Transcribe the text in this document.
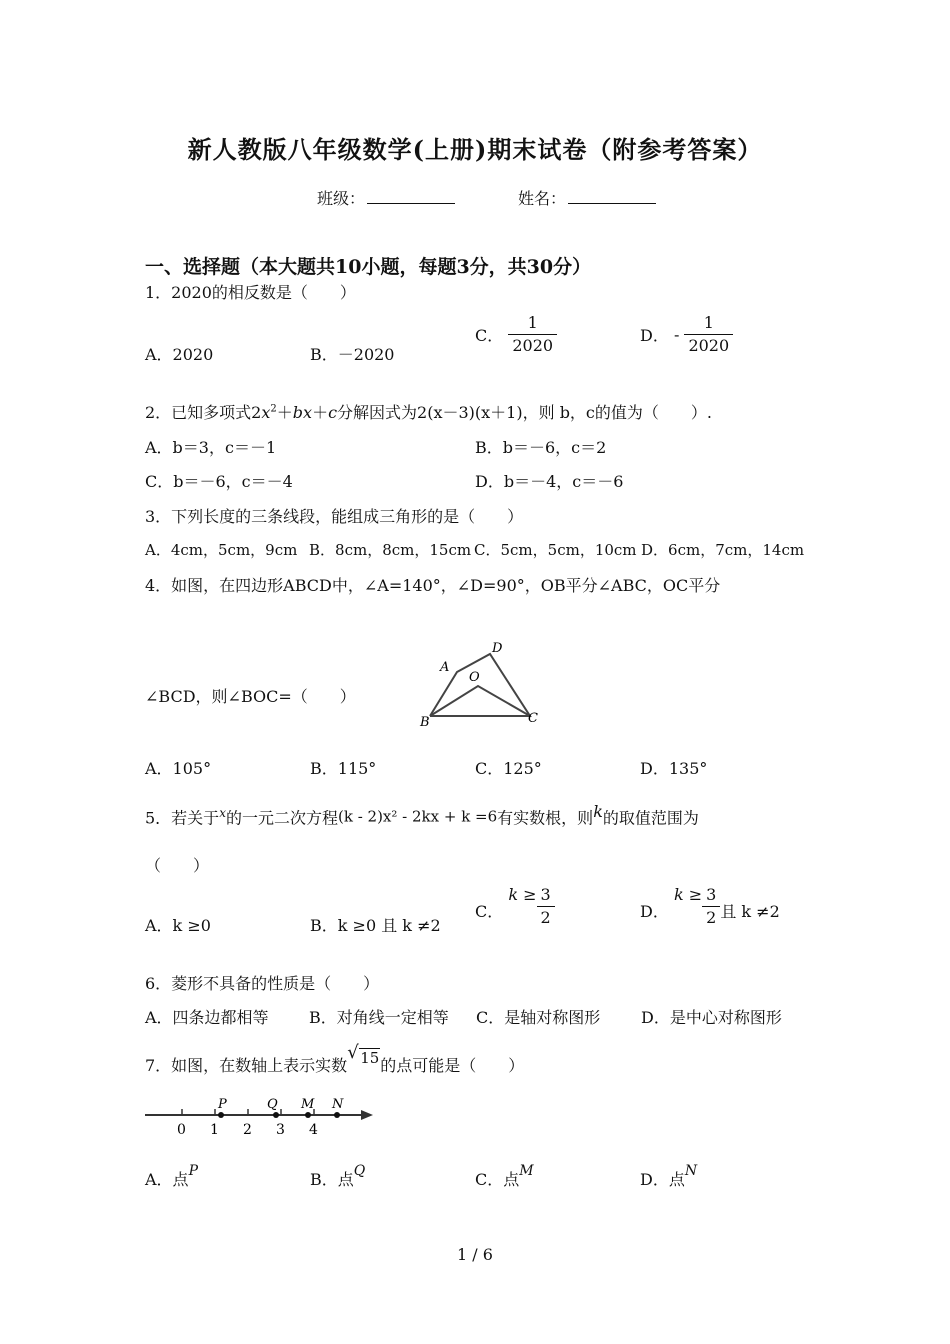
新人教版八年级数学(上册)期末试卷（附参考答案）
班级：	姓名：
一、选择题（本大题共10小题，每题3分，共30分）
1．2020的相反数是（　　）
A．2020	B．－2020
C． $\frac{1}{2020}$	D． - $\frac{1}{2020}$
2．已知多项式$2x^2+bx+c$分解因式为2(x－3)(x＋1)，则 b，c的值为（　　）.
A．b＝3，c＝－1	B．b＝－6，c＝2
C．b＝－6，c＝－4	D．b＝－4，c＝－6
3．下列长度的三条线段，能组成三角形的是（　　）
A．4cm，5cm，9cm B．8cm，8cm，15cm C．5cm，5cm，10cm D．6cm，7cm，14cm
4．如图，在四边形ABCD中，∠A=140°，∠D=90°，OB平分∠ABC，OC平分
∠BCD，则∠BOC=（　　）
A
D
O
B	C
A．105°	B．115°	C．125°	D．135°
5．若关于$^x$的一元二次方程(k - 2)x² - 2kx + k =6有实数根，则k的取值范围为
（　　）
A．k ≥0	B．k ≥0 且 k ≠2
C． $k \ge \frac{3}{2}$	D． $k \ge \frac{3}{2}$ 且 k ≠2
6．菱形不具备的性质是（　　）
A．四条边都相等	B．对角线一定相等 C．是轴对称图形	D．是中心对称图形
7．如图，在数轴上表示实数
√ 15的点可能是（　　）
0 1 2 3 4
P	Q M N
A．点P	B．点Q	C．点M	D．点N
1 / 6
